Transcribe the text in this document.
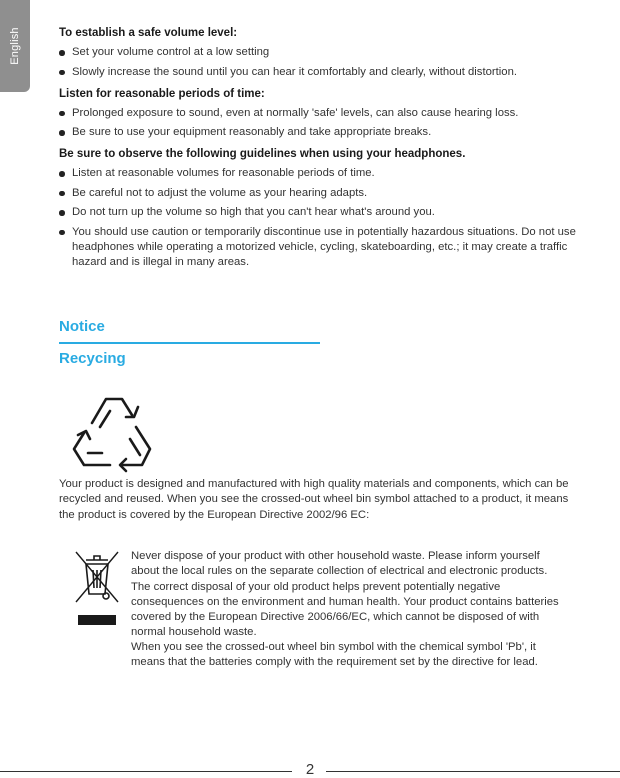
English	To establish a safe volume level:
Set your volume control at a low setting
Slowly increase the sound until you can hear it comfortably and clearly, without distortion.
Listen for reasonable periods of time:
Prolonged exposure to sound, even at normally 'safe' levels, can also cause hearing loss.
Be sure to use your equipment reasonably and take appropriate breaks.
Be sure to observe the following guidelines when using your headphones.
Listen at reasonable volumes for reasonable periods of time.
Be careful not to adjust the volume as your hearing adapts.
Do not turn up the volume so high that you can't hear what's around you.
You should use caution or temporarily discontinue use in potentially hazardous situations. Do not use headphones while operating a motorized vehicle, cycling, skateboarding, etc.; it may create a traffic hazard and is illegal in many areas.
Notice
Recycing

Your product is designed and manufactured with high quality materials and components, which can be recycled and reused. When you see the crossed-out wheel bin symbol attached to a product, it means the product is covered by the European Directive 2002/96 EC:

Never dispose of your product with other household waste. Please inform yourself about the local rules on the separate collection of electrical and electronic products. The correct disposal of your old product helps prevent potentially negative consequences on the environment and human health. Your product contains batteries covered by the European Directive 2006/66/EC, which cannot be disposed of with normal household waste.

When you see the crossed-out wheel bin symbol with the chemical symbol 'Pb', it means that the batteries comply with the requirement set by the directive for lead.

2
